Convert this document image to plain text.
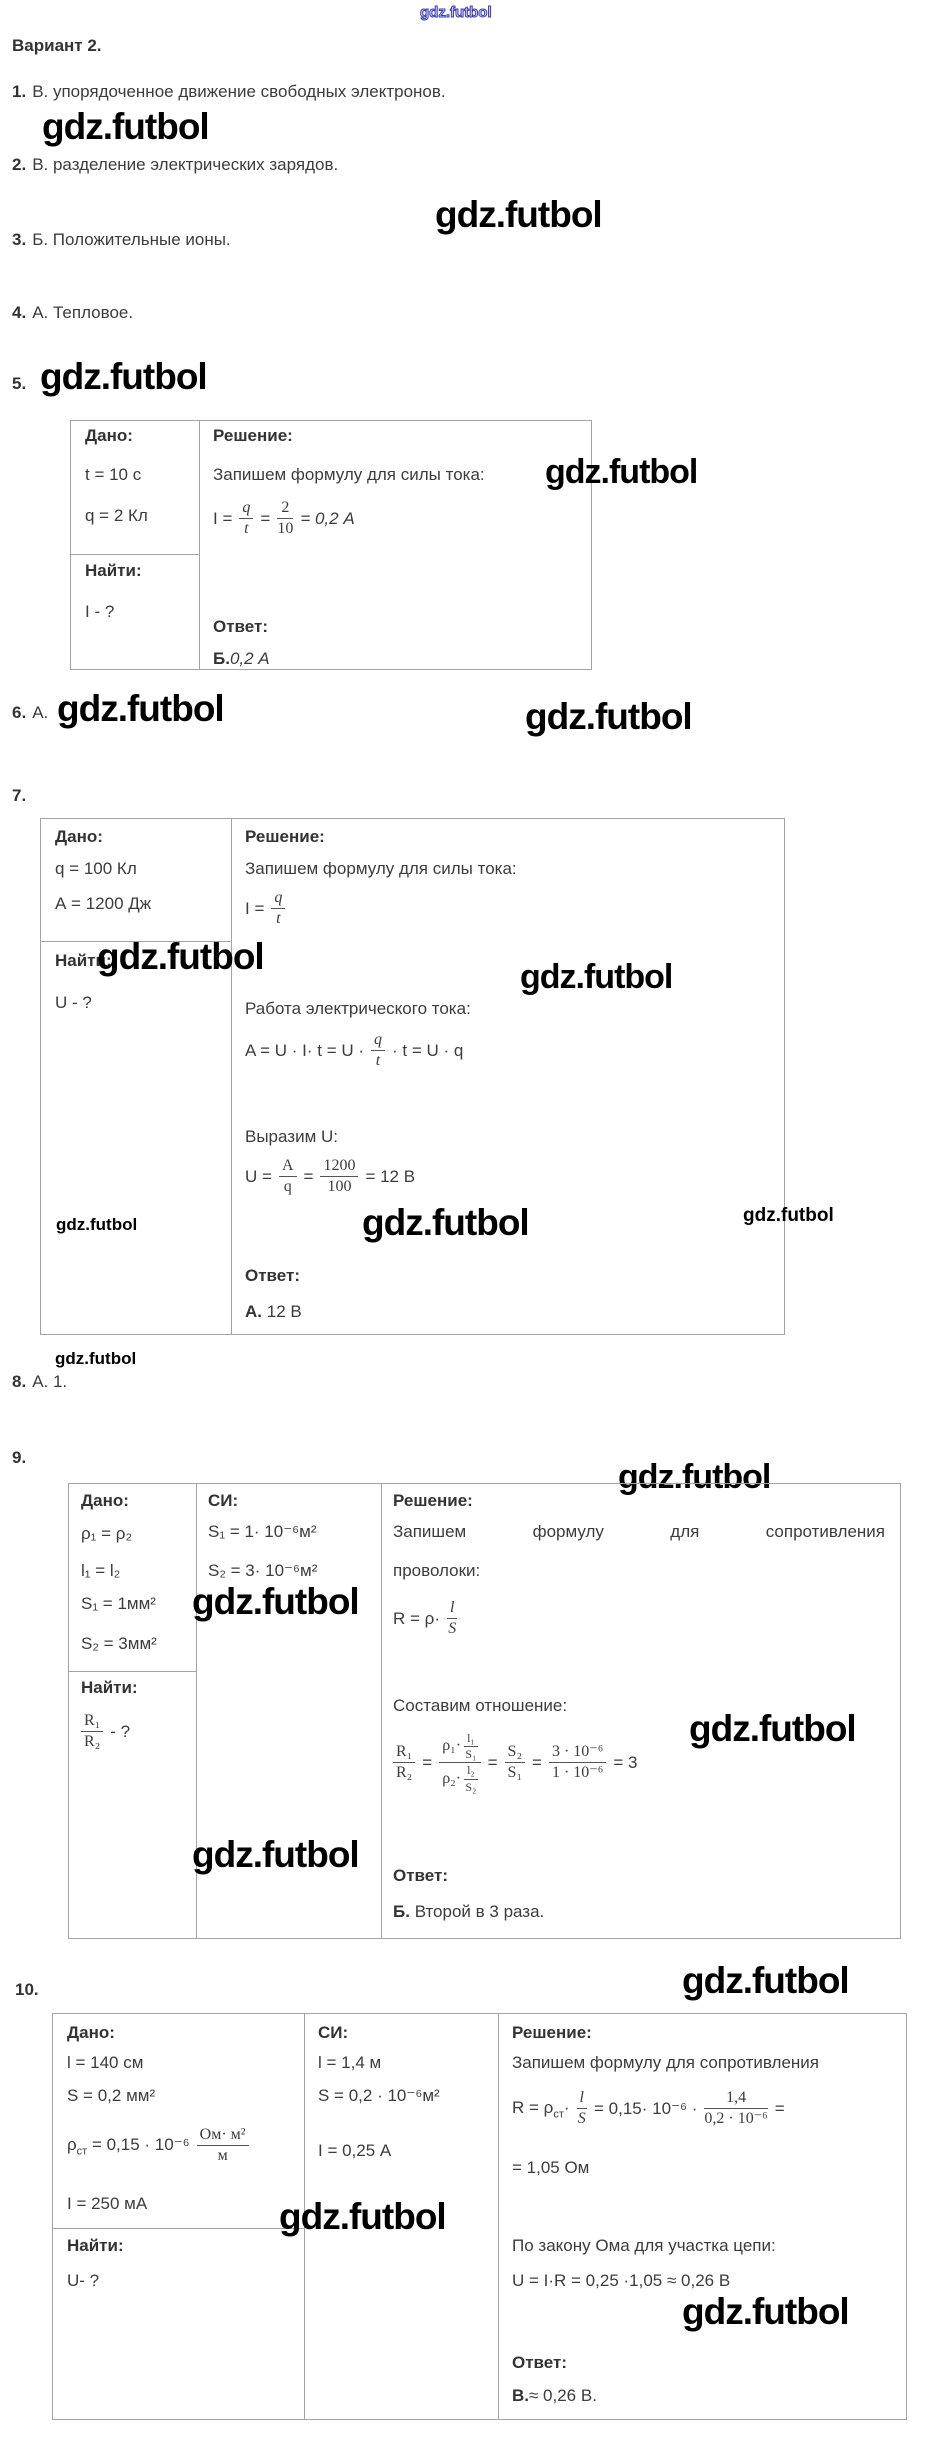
gdz.futbol
Вариант 2.
1. В. упорядоченное движение свободных электронов.
gdz.futbol
2. В. разделение электрических зарядов.
gdz.futbol
3. Б. Положительные ионы.
4. А. Тепловое.
5. gdz.futbol
Дано:
t = 10 с
q = 2 Кл
Найти:
I - ?
Решение:
Запишем формулу для силы тока:
$I = \frac{q}{t} = \frac{2}{10} = 0,2$ А
Ответ:
Б.0,2 А
gdz.futbol
6. А. gdz.futbol	gdz.futbol
7.
Дано:
q = 100 Кл
А = 1200 Дж
Найти:
U - ?
Решение:
Запишем формулу для силы тока:
$I = \frac{q}{t}$
Работа электрического тока:
$A = U \cdot I\cdot t = U \cdot \frac{q}{t} \cdot t = U \cdot q$
Выразим U:
$U = \frac{A}{q} = \frac{1200}{100} = 12$ В
Ответ:
А. 12 В
gdz.futbol	gdz.futbol
gdz.futbol	gdz.futbol	gdz.futbol
gdz.futbol
8. А. 1.
9.
gdz.futbol
Дано:
ρ₁ = ρ₂
l₁ = l₂
S₁ = 1мм²
S₂ = 3мм²
Найти:
$\frac{\text{R₁}}{\text{R₂}}$ - ?
СИ:
S₁ = 1· 10⁻⁶м²
S₂ = 3· 10⁻⁶м²
Решение:
Запишем формулу для сопротивления
проволоки:
$R = \rho\cdot \frac{l}{S}$
Составим отношение:
$\frac{\text{R₁}}{\text{R₂}} = \frac{\rho_1\cdot \frac{\text{l₁}}{\text{S₁}}}{\rho_2\cdot \frac{\text{l₂}}{\text{S₂}}} = \frac{\text{S₂}}{\text{S₁}} = \frac{\text{3 · 10⁻⁶}}{\text{1 · 10⁻⁶}} = 3$
Ответ:
Б. Второй в 3 раза.
gdz.futbol
gdz.futbol
gdz.futbol
gdz.futbol
10.
Дано:
l = 140 см
S = 0,2 мм²
$\rho_{ст} = 0,15 \cdot 10^{-6} \frac{\text{Ом· м²}}{м}$
I = 250 мА
Найти:
U- ?
СИ:
l = 1,4 м
S = 0,2 · 10⁻⁶м²
I = 0,25 А
Решение:
Запишем формулу для сопротивления
$R = \rho_{ст}\cdot \frac{l}{S} = 0,15\cdot 10^{-6} \cdot \frac{1,4}{\text{0,2 · 10⁻⁶}}$ =
= 1,05 Ом
По закону Ома для участка цепи:
U = I·R = 0,25 ·1,05 ≈ 0,26 В
Ответ:
В.≈ 0,26 В.
gdz.futbol
gdz.futbol
